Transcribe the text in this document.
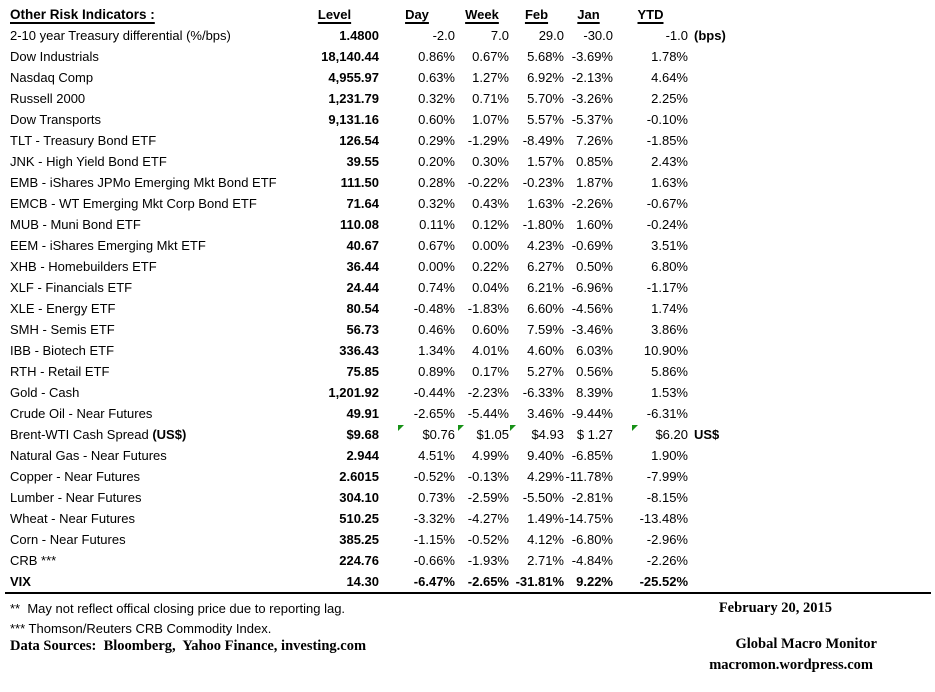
Other Risk Indicators :	Level	Day	Week	Feb	Jan	YTD	
2-10 year Treasury differential (%/bps)	1.4800	-2.0	7.0	29.0	-30.0	-1.0	(bps)
Dow Industrials	18,140.44	0.86%	0.67%	5.68%	-3.69%	1.78%	
Nasdaq Comp	4,955.97	0.63%	1.27%	6.92%	-2.13%	4.64%	
Russell 2000	1,231.79	0.32%	0.71%	5.70%	-3.26%	2.25%	
Dow Transports	9,131.16	0.60%	1.07%	5.57%	-5.37%	-0.10%	
TLT - Treasury Bond ETF	126.54	0.29%	-1.29%	-8.49%	7.26%	-1.85%	
JNK - High Yield Bond ETF	39.55	0.20%	0.30%	1.57%	0.85%	2.43%	
EMB - iShares JPMo Emerging Mkt Bond ETF	111.50	0.28%	-0.22%	-0.23%	1.87%	1.63%	
EMCB - WT Emerging Mkt Corp Bond ETF	71.64	0.32%	0.43%	1.63%	-2.26%	-0.67%	
MUB - Muni Bond ETF	110.08	0.11%	0.12%	-1.80%	1.60%	-0.24%	
EEM - iShares Emerging Mkt ETF	40.67	0.67%	0.00%	4.23%	-0.69%	3.51%	
XHB - Homebuilders ETF	36.44	0.00%	0.22%	6.27%	0.50%	6.80%	
XLF - Financials ETF	24.44	0.74%	0.04%	6.21%	-6.96%	-1.17%	
XLE - Energy ETF	80.54	-0.48%	-1.83%	6.60%	-4.56%	1.74%	
SMH - Semis ETF	56.73	0.46%	0.60%	7.59%	-3.46%	3.86%	
IBB - Biotech ETF	336.43	1.34%	4.01%	4.60%	6.03%	10.90%	
RTH - Retail ETF	75.85	0.89%	0.17%	5.27%	0.56%	5.86%	
Gold - Cash	1,201.92	-0.44%	-2.23%	-6.33%	8.39%	1.53%	
Crude Oil - Near Futures	49.91	-2.65%	-5.44%	3.46%	-9.44%	-6.31%	
Brent-WTI Cash Spread (US$)	$9.68	$0.76	$1.05	$4.93	$ 1.27	$6.20	US$
Natural Gas - Near Futures	2.944	4.51%	4.99%	9.40%	-6.85%	1.90%	
Copper - Near Futures	2.6015	-0.52%	-0.13%	4.29%	-11.78%	-7.99%	
Lumber - Near Futures	304.10	0.73%	-2.59%	-5.50%	-2.81%	-8.15%	
Wheat - Near Futures	510.25	-3.32%	-4.27%	1.49%	-14.75%	-13.48%	
Corn - Near Futures	385.25	-1.15%	-0.52%	4.12%	-6.80%	-2.96%	
CRB ***	224.76	-0.66%	-1.93%	2.71%	-4.84%	-2.26%	
VIX	14.30	-6.47%	-2.65%	-31.81%	9.22%	-25.52%	
**  May not reflect offical closing price due to reporting lag.
*** Thomson/Reuters CRB Commodity Index.
Data Sources:  Bloomberg,  Yahoo Finance, investing.com
February 20, 2015
Global Macro Monitor
macromon.wordpress.com
